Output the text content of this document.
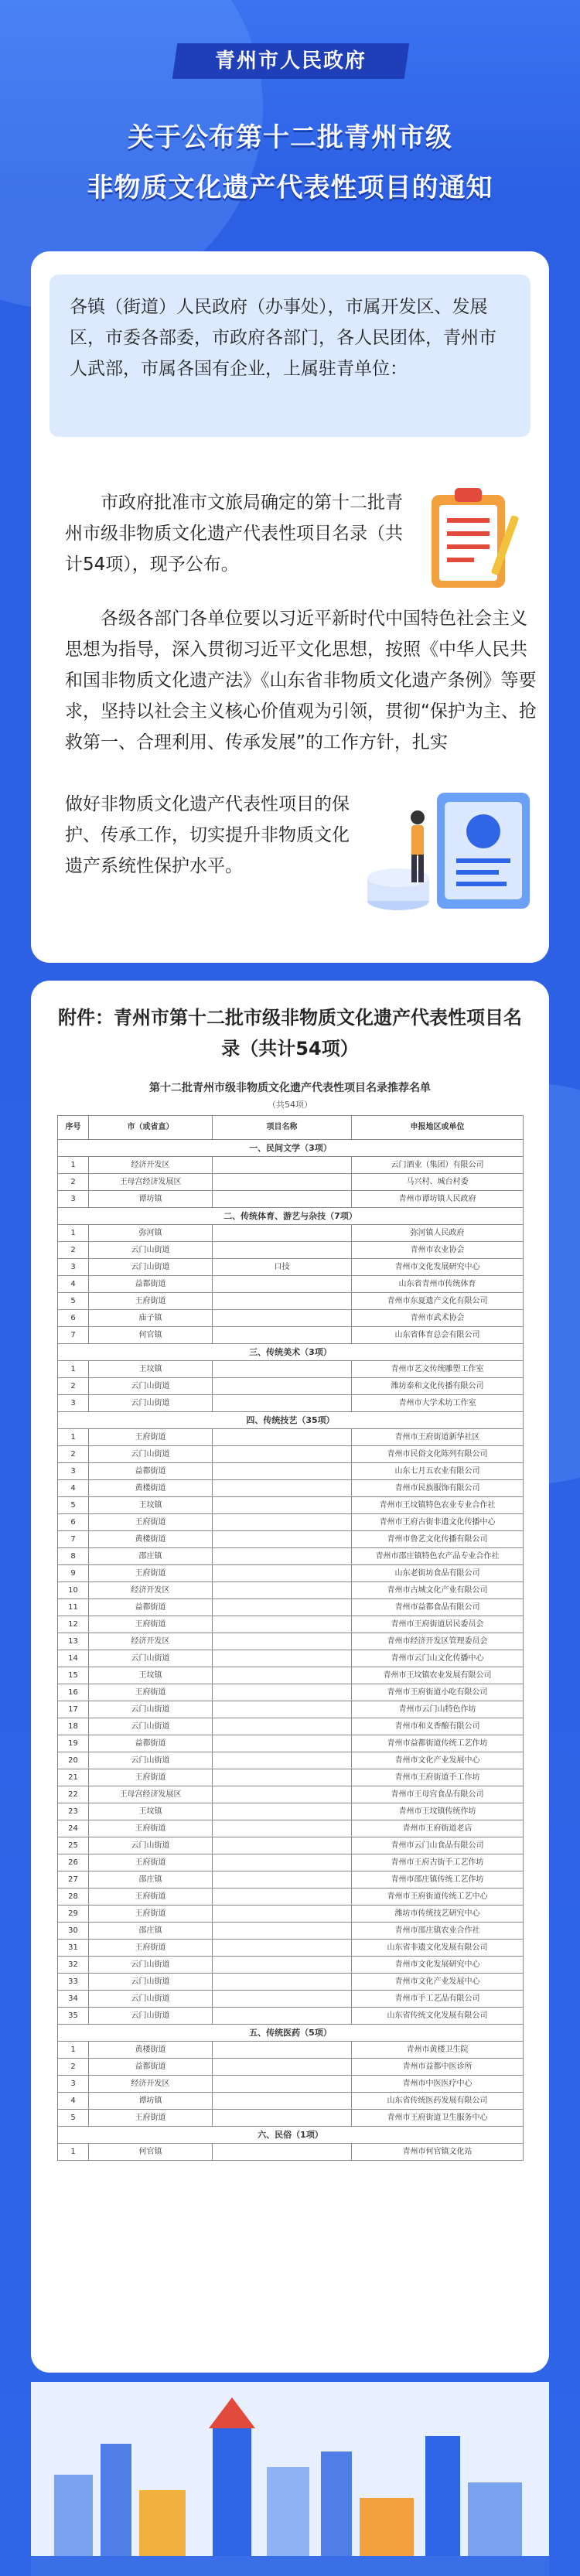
青州市人民政府
关于公布第十二批青州市级
非物质文化遗产代表性项目的通知
各镇（街道）人民政府（办事处），市属开发区、发展区，市委各部委，市政府各部门，各人民团体，青州市人武部，市属各国有企业，上属驻青单位：
市政府批准市文旅局确定的第十二批青州市级非物质文化遗产代表性项目名录（共计54项），现予公布。
各级各部门各单位要以习近平新时代中国特色社会主义思想为指导，深入贯彻习近平文化思想，按照《中华人民共和国非物质文化遗产法》《山东省非物质文化遗产条例》等要求，坚持以社会主义核心价值观为引领，贯彻“保护为主、抢救第一、合理利用、传承发展”的工作方针，扎实
做好非物质文化遗产代表性项目的保护、传承工作，切实提升非物质文化遗产系统性保护水平。
附件：青州市第十二批市级非物质文化遗产代表性项目名录（共计54项）
第十二批青州市级非物质文化遗产代表性项目名录推荐名单
（共54项）
序号	市（或省直）	项目名称	申报地区或单位
一、民间文学（3项）			
1	经济开发区		云门酒业（集团）有限公司
2	王母宫经济发展区		马兴村、城台村委
3	谭坊镇		青州市谭坊镇人民政府
二、传统体育、游艺与杂技（7项）			
1	弥河镇		弥河镇人民政府
2	云门山街道		青州市农业协会
3	云门山街道	口技	青州市文化发展研究中心
4	益都街道		山东省青州市传统体育
5	王府街道		青州市东夏遗产文化有限公司
6	庙子镇		青州市武术协会
7	何官镇		山东省体育总会有限公司
三、传统美术（3项）			
1	王坟镇		青州市艺文传统雕塑工作室
2	云门山街道		潍坊泰和文化传播有限公司
3	云门山街道		青州市大学术坊工作室
四、传统技艺（35项）			
1	王府街道		青州市王府街道新华社区
2	云门山街道		青州市民俗文化陈列有限公司
3	益都街道		山东七月五农业有限公司
4	黄楼街道		青州市民族服饰有限公司
5	王坟镇		青州市王坟镇特色农业专业合作社
6	王府街道		青州市王府古街非遗文化传播中心
7	黄楼街道		青州市鲁艺文化传播有限公司
8	邵庄镇		青州市邵庄镇特色农产品专业合作社
9	王府街道		山东老街坊食品有限公司
10	经济开发区		青州市古城文化产业有限公司
11	益都街道		青州市益都食品有限公司
12	王府街道		青州市王府街道居民委员会
13	经济开发区		青州市经济开发区管理委员会
14	云门山街道		青州市云门山文化传播中心
15	王坟镇		青州市王坟镇农业发展有限公司
16	王府街道		青州市王府街道小吃有限公司
17	云门山街道		青州市云门山特色作坊
18	云门山街道		青州市和义香酿有限公司
19	益都街道		青州市益都街道传统工艺作坊
20	云门山街道		青州市文化产业发展中心
21	王府街道		青州市王府街道手工作坊
22	王母宫经济发展区		青州市王母宫食品有限公司
23	王坟镇		青州市王坟镇传统作坊
24	王府街道		青州市王府街道老店
25	云门山街道		青州市云门山食品有限公司
26	王府街道		青州市王府古街手工艺作坊
27	邵庄镇		青州市邵庄镇传统工艺作坊
28	王府街道		青州市王府街道传统工艺中心
29	王府街道		潍坊市传统技艺研究中心
30	邵庄镇		青州市邵庄镇农业合作社
31	王府街道		山东省非遗文化发展有限公司
32	云门山街道		青州市文化发展研究中心
33	云门山街道		青州市文化产业发展中心
34	云门山街道		青州市手工艺品有限公司
35	云门山街道		山东省传统文化发展有限公司
五、传统医药（5项）			
1	黄楼街道		青州市黄楼卫生院
2	益都街道		青州市益都中医诊所
3	经济开发区		青州市中医医疗中心
4	谭坊镇		山东省传统医药发展有限公司
5	王府街道		青州市王府街道卫生服务中心
六、民俗（1项）			
1	何官镇		青州市何官镇文化站
